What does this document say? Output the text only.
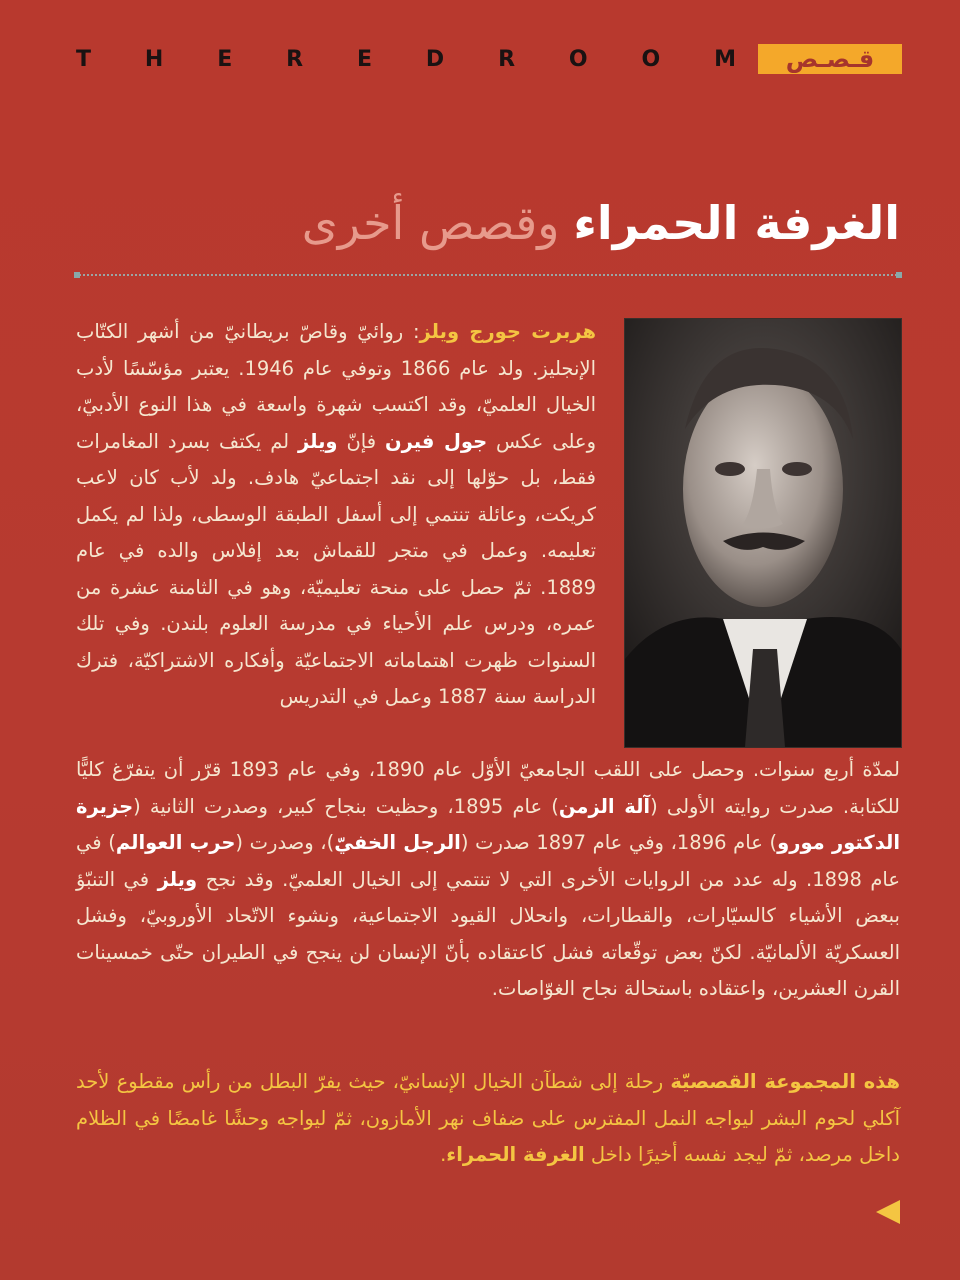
T H E R E D R O O M	قـصـص
الغرفة الحمراءوقصص أخرى

هربرت جورج ويلز: روائيّ وقاصّ بريطانيّ من أشهر الكتّاب الإنجليز. ولد عام 1866 وتوفي عام 1946. يعتبر مؤسّسًا لأدب الخيال العلميّ، وقد اكتسب شهرة واسعة في هذا النوع الأدبيّ، وعلى عكس جول فيرن فإنّ ويلز لم يكتف بسرد المغامرات فقط، بل حوّلها إلى نقد اجتماعيّ هادف. ولد لأب كان لاعب كريكت، وعائلة تنتمي إلى أسفل الطبقة الوسطى، ولذا لم يكمل تعليمه. وعمل في متجر للقماش بعد إفلاس والده في عام 1889. ثمّ حصل على منحة تعليميّة، وهو في الثامنة عشرة من عمره، ودرس علم الأحياء في مدرسة العلوم بلندن. وفي تلك السنوات ظهرت اهتماماته الاجتماعيّة وأفكاره الاشتراكيّة، فترك الدراسة سنة 1887 وعمل في التدريس

لمدّة أربع سنوات. وحصل على اللقب الجامعيّ الأوّل عام 1890، وفي عام 1893 قرّر أن يتفرّغ كليًّا للكتابة. صدرت روايته الأولى (آلة الزمن) عام 1895، وحظيت بنجاح كبير، وصدرت الثانية (جزيرة الدكتور مورو) عام 1896، وفي عام 1897 صدرت (الرجل الخفيّ)، وصدرت (حرب العوالم) في عام 1898. وله عدد من الروايات الأخرى التي لا تنتمي إلى الخيال العلميّ. وقد نجح ويلز في التنبّؤ ببعض الأشياء كالسيّارات، والقطارات، وانحلال القيود الاجتماعية، ونشوء الاتّحاد الأوروبيّ، وفشل العسكريّة الألمانيّة. لكنّ بعض توقّعاته فشل كاعتقاده بأنّ الإنسان لن ينجح في الطيران حتّى خمسينات القرن العشرين، واعتقاده باستحالة نجاح الغوّاصات.

هذه المجموعة القصصيّة رحلة إلى شطآن الخيال الإنسانيّ، حيث يفرّ البطل من رأس مقطوع لأحد آكلي لحوم البشر ليواجه النمل المفترس على ضفاف نهر الأمازون، ثمّ ليواجه وحشًا غامضًا في الظلام داخل مرصد، ثمّ ليجد نفسه أخيرًا داخل الغرفة الحمراء.
